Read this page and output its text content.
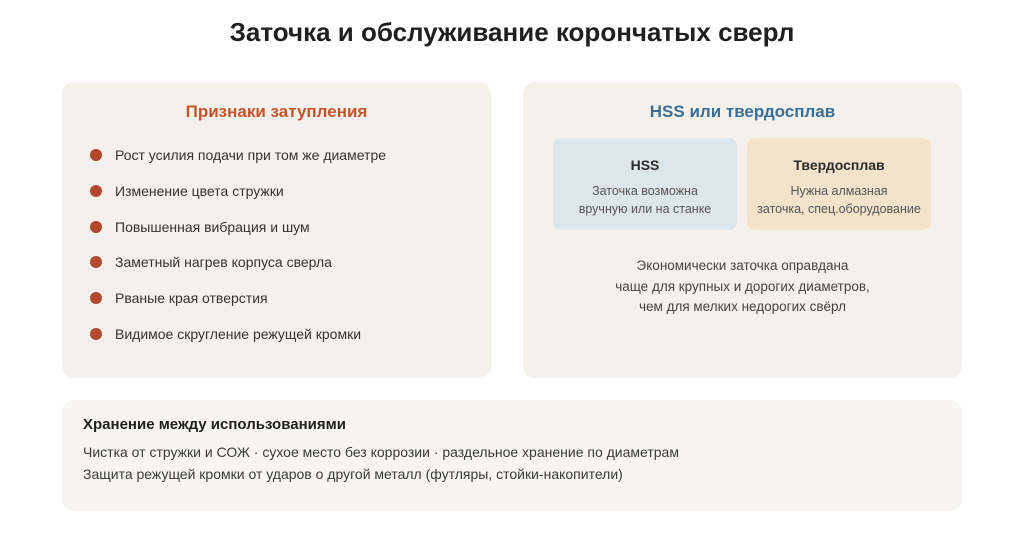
Заточка и обслуживание корончатых сверл
Признаки затупления
Рост усилия подачи при том же диаметре
Изменение цвета стружки
Повышенная вибрация и шум
Заметный нагрев корпуса сверла
Рваные края отверстия
Видимое скругление режущей кромки
HSS или твердосплав
HSS
Заточка возможна
вручную или на станке
Твердосплав
Нужна алмазная
заточка, спец.оборудование
Экономически заточка оправдана
чаще для крупных и дорогих диаметров,
чем для мелких недорогих свёрл
Хранение между использованиями
Чистка от стружки и СОЖ · сухое место без коррозии · раздельное хранение по диаметрам
Защита режущей кромки от ударов о другой металл (футляры, стойки-накопители)
